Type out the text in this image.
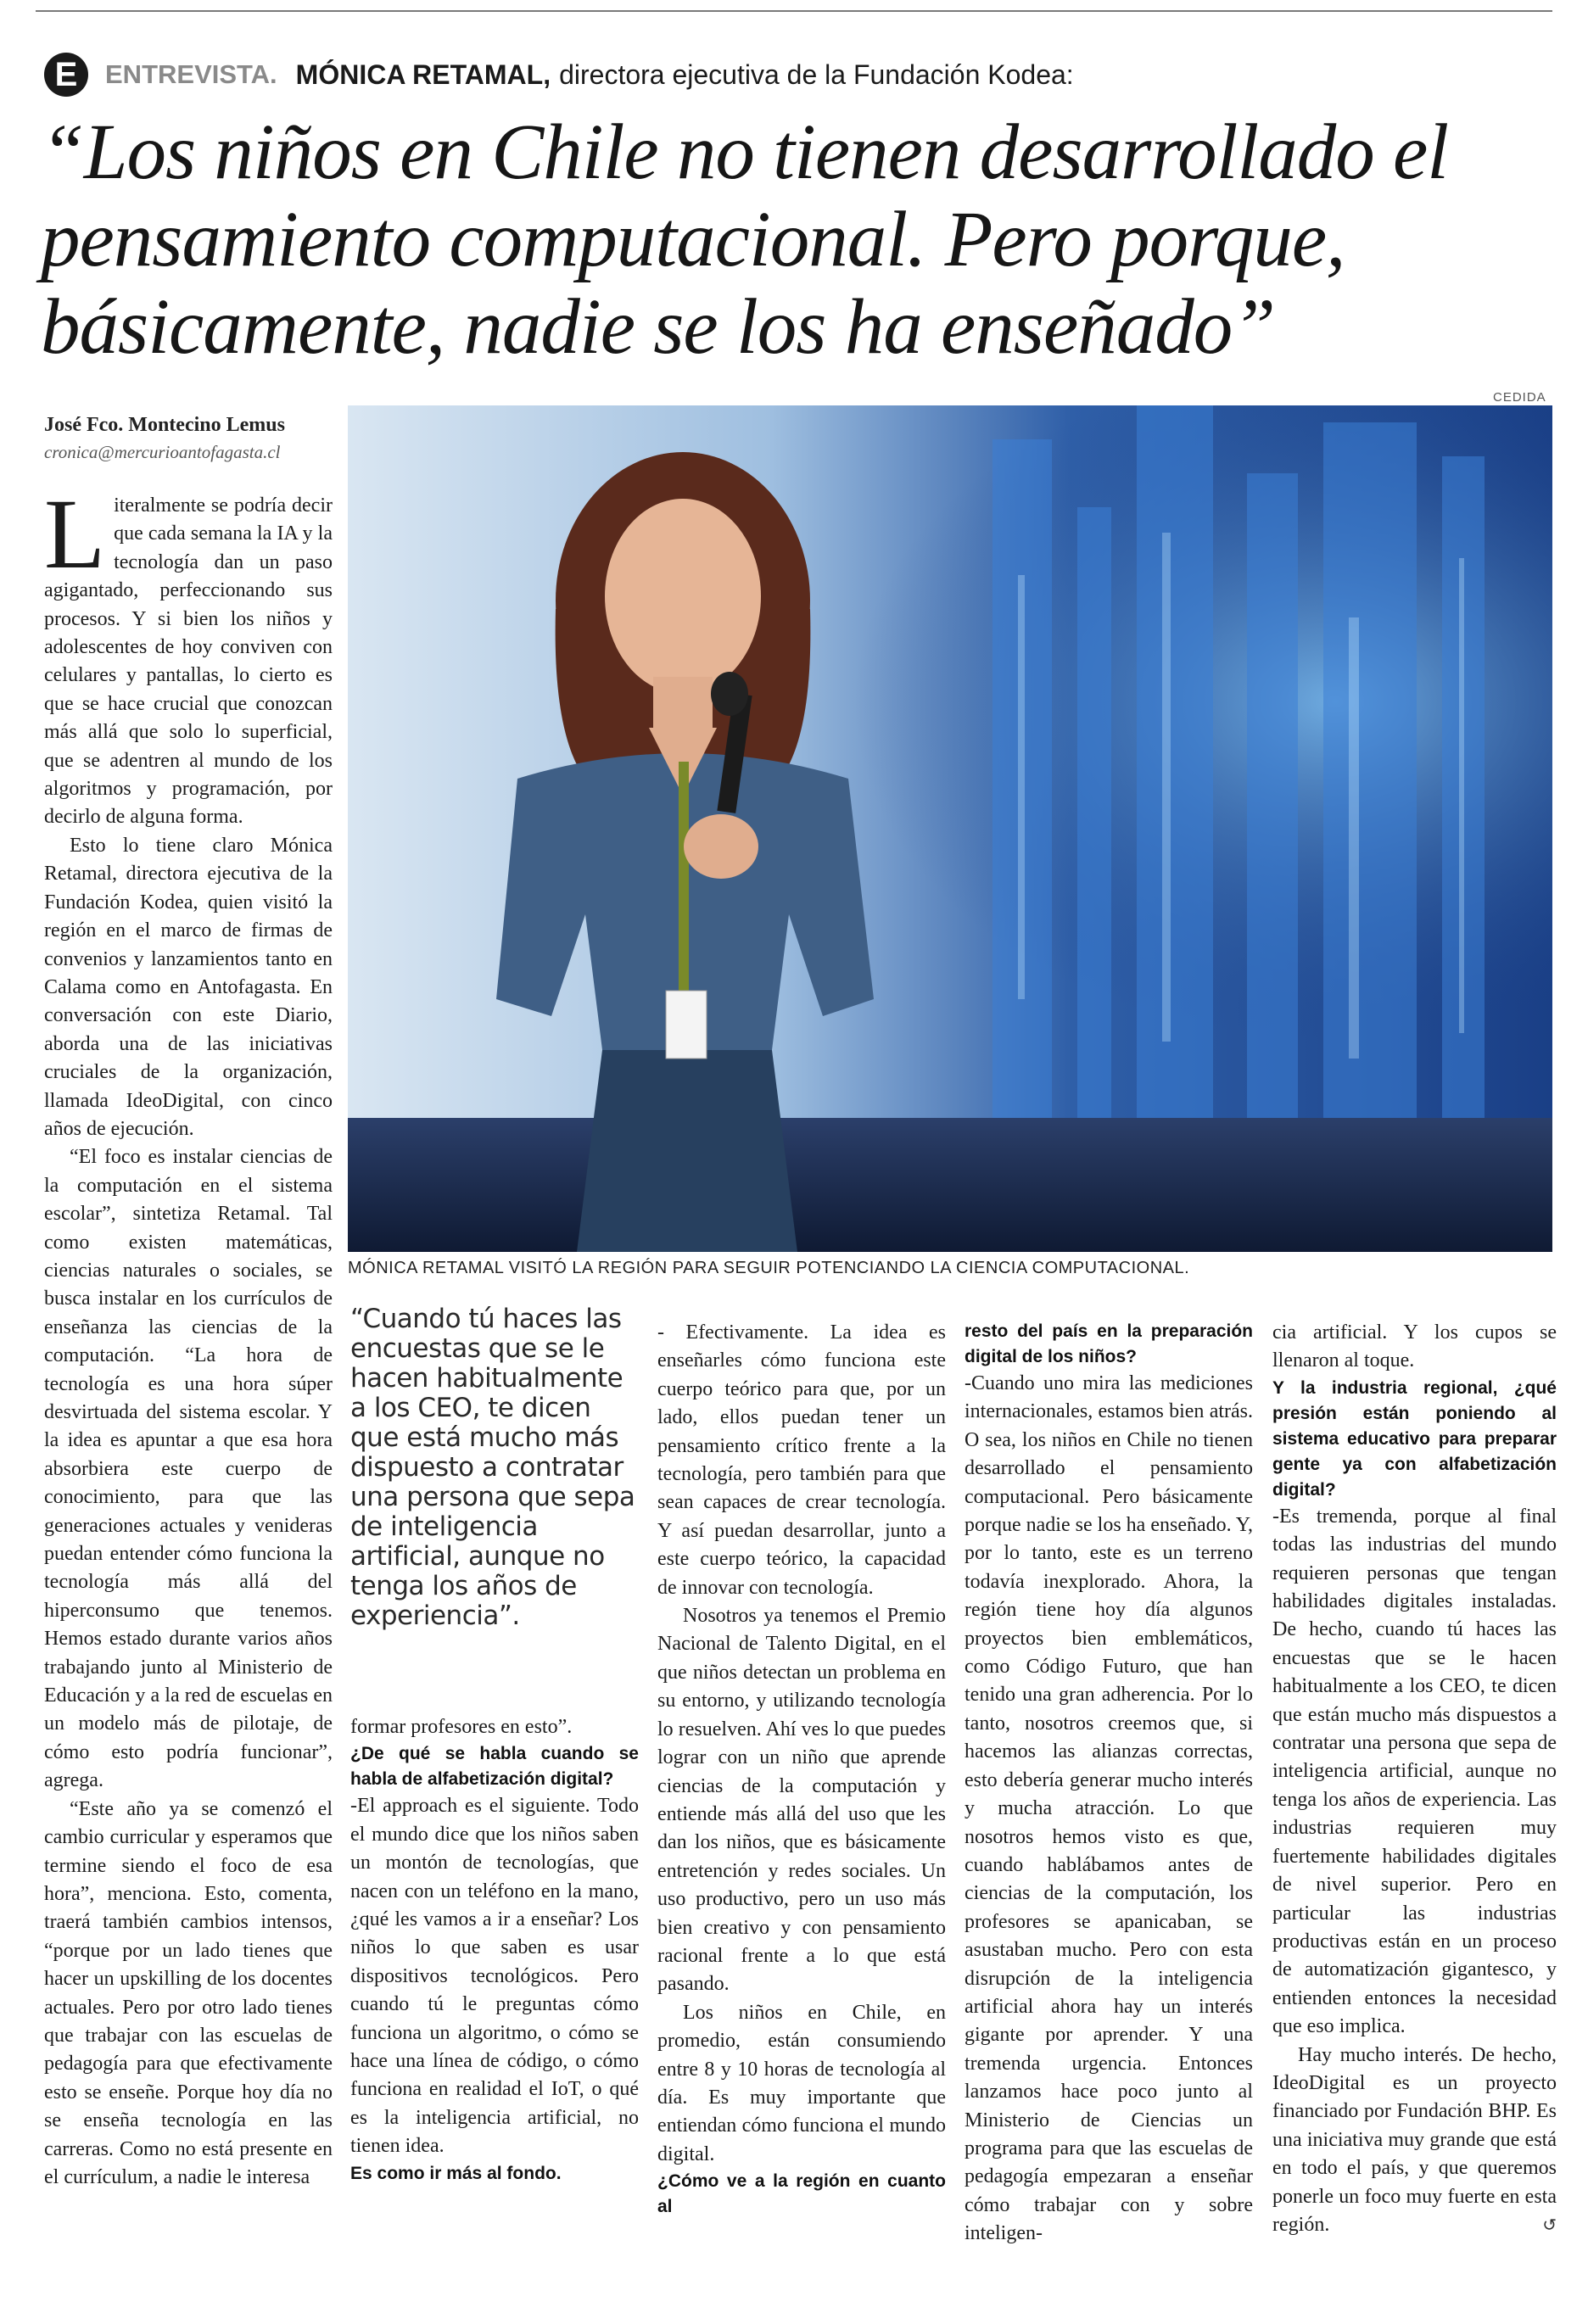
E	ENTREVISTA. MÓNICA RETAMAL, directora ejecutiva de la Fundación Kodea:
“Los niños en Chile no tienen desarrollado el pensamiento computacional. Pero porque, básicamente, nadie se los ha enseñado”
José Fco. Montecino Lemus
cronica@mercurioantofagasta.cl
CEDIDA
MÓNICA RETAMAL VISITÓ LA REGIÓN PARA SEGUIR POTENCIANDO LA CIENCIA COMPUTACIONAL.

Literalmente se podría decir que cada semana la IA y la tecnología dan un paso agigantado, perfeccionando sus procesos. Y si bien los niños y adolescentes de hoy conviven con celulares y pantallas, lo cierto es que se hace crucial que conozcan más allá que solo lo superficial, que se adentren al mundo de los algoritmos y programación, por decirlo de alguna forma.

Esto lo tiene claro Mónica Retamal, directora ejecutiva de la Fundación Kodea, quien visitó la región en el marco de firmas de convenios y lanzamientos tanto en Calama como en Antofagasta. En conversación con este Diario, aborda una de las iniciativas cruciales de la organización, llamada IdeoDigital, con cinco años de ejecución.

“El foco es instalar ciencias de la computación en el sistema escolar”, sintetiza Retamal. Tal como existen matemáticas, ciencias naturales o sociales, se busca instalar en los currículos de enseñanza las ciencias de la computación. “La hora de tecnología es una hora súper desvirtuada del sistema escolar. Y la idea es apuntar a que esa hora absorbiera este cuerpo de conocimiento, para que las generaciones actuales y venideras puedan entender cómo funciona la tecnología más allá del hiperconsumo que tenemos. Hemos estado durante varios años trabajando junto al Ministerio de Educación y a la red de escuelas en un modelo más de pilotaje, de cómo esto podría funcionar”, agrega.

“Este año ya se comenzó el cambio curricular y esperamos que termine siendo el foco de esa hora”, menciona. Esto, comenta, traerá también cambios intensos, “porque por un lado tienes que hacer un upskilling de los docentes actuales. Pero por otro lado tienes que trabajar con las escuelas de pedagogía para que efectivamente esto se enseñe. Porque hoy día no se enseña tecnología en las carreras. Como no está presente en el currículum, a nadie le interesa

“Cuando tú haces las encuestas que se le hacen habitualmente a los CEO, te dicen que está mucho más dispuesto a contratar una persona que sepa de inteligencia artificial, aunque no tenga los años de experiencia”.

formar profesores en esto”.

¿De qué se habla cuando se habla de alfabetización digital?

-El approach es el siguiente. Todo el mundo dice que los niños saben un montón de tecnologías, que nacen con un teléfono en la mano, ¿qué les vamos a ir a enseñar? Los niños lo que saben es usar dispositivos tecnológicos. Pero cuando tú le preguntas cómo funciona un algoritmo, o cómo se hace una línea de código, o cómo funciona en realidad el IoT, o qué es la inteligencia artificial, no tienen idea.

Es como ir más al fondo.

- Efectivamente. La idea es enseñarles cómo funciona este cuerpo teórico para que, por un lado, ellos puedan tener un pensamiento crítico frente a la tecnología, pero también para que sean capaces de crear tecnología. Y así puedan desarrollar, junto a este cuerpo teórico, la capacidad de innovar con tecnología.

Nosotros ya tenemos el Premio Nacional de Talento Digital, en el que niños detectan un problema en su entorno, y utilizando tecnología lo resuelven. Ahí ves lo que puedes lograr con un niño que aprende ciencias de la computación y entiende más allá del uso que les dan los niños, que es básicamente entretención y redes sociales. Un uso productivo, pero un uso más bien creativo y con pensamiento racional frente a lo que está pasando.

Los niños en Chile, en promedio, están consumiendo entre 8 y 10 horas de tecnología al día. Es muy importante que entiendan cómo funciona el mundo digital.

¿Cómo ve a la región en cuanto al

resto del país en la preparación digital de los niños?

-Cuando uno mira las mediciones internacionales, estamos bien atrás. O sea, los niños en Chile no tienen desarrollado el pensamiento computacional. Pero básicamente porque nadie se los ha enseñado. Y, por lo tanto, este es un terreno todavía inexplorado. Ahora, la región tiene hoy día algunos proyectos bien emblemáticos, como Código Futuro, que han tenido una gran adherencia. Por lo tanto, nosotros creemos que, si hacemos las alianzas correctas, esto debería generar mucho interés y mucha atracción. Lo que nosotros hemos visto es que, cuando hablábamos antes de ciencias de la computación, los profesores se apanicaban, se asustaban mucho. Pero con esta disrupción de la inteligencia artificial ahora hay un interés gigante por aprender. Y una tremenda urgencia. Entonces lanzamos hace poco junto al Ministerio de Ciencias un programa para que las escuelas de pedagogía empezaran a enseñar cómo trabajar con y sobre inteligen-

cia artificial. Y los cupos se llenaron al toque.

Y la industria regional, ¿qué presión están poniendo al sistema educativo para preparar gente ya con alfabetización digital?

-Es tremenda, porque al final todas las industrias del mundo requieren personas que tengan habilidades digitales instaladas. De hecho, cuando tú haces las encuestas que se le hacen habitualmente a los CEO, te dicen que están mucho más dispuestos a contratar una persona que sepa de inteligencia artificial, aunque no tenga los años de experiencia. Las industrias requieren muy fuertemente habilidades digitales de nivel superior. Pero en particular las industrias productivas están en un proceso de automatización gigantesco, y entienden entonces la necesidad que eso implica.

Hay mucho interés. De hecho, IdeoDigital es un proyecto financiado por Fundación BHP. Es una iniciativa muy grande que está en todo el país, y que queremos ponerle un foco muy fuerte en esta región.	↺
